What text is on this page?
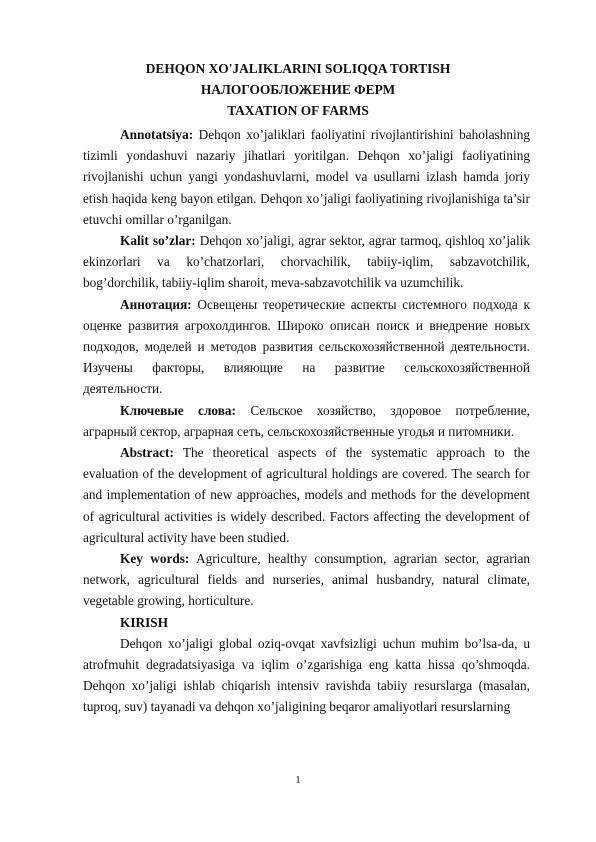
DEHQON XO'JALIKLARINI SOLIQQA TORTISH
НАЛОГООБЛОЖЕНИЕ ФЕРМ
TAXATION OF FARMS

Annotatsiya: Dehqon xo’jaliklari faoliyatini rivojlantirishini baholashning tizimli yondashuvi nazariy jihatlari yoritilgan. Dehqon xo’jaligi faoliyatining rivojlanishi uchun yangi yondashuvlarni, model va usullarni izlash hamda joriy etish haqida keng bayon etilgan. Dehqon xo’jaligi faoliyatining rivojlanishiga ta’sir etuvchi omillar o’rganilgan.

Kalit so’zlar: Dehqon xo’jaligi, agrar sektor, agrar tarmoq, qishloq xo’jalik ekinzorlari va ko’chatzorlari, chorvachilik, tabiiy-iqlim, sabzavotchilik, bog’dorchilik, tabiiy-iqlim sharoit, meva-sabzavotchilik va uzumchilik.

Аннотация: Освещены теоретические аспекты системного подхода к оценке развития агрохолдингов. Широко описан поиск и внедрение новых подходов, моделей и методов развития сельскохозяйственной деятельности. Изучены факторы, влияющие на развитие сельскохозяйственной деятельности.

Ключевые слова: Сельское хозяйство, здоровое потребление, аграрный сектор, аграрная сеть, сельскохозяйственные угодья и питомники.

Abstract: The theoretical aspects of the systematic approach to the evaluation of the development of agricultural holdings are covered. The search for and implementation of new approaches, models and methods for the development of agricultural activities is widely described. Factors affecting the development of agricultural activity have been studied.

Key words: Agriculture, healthy consumption, agrarian sector, agrarian network, agricultural fields and nurseries, animal husbandry, natural climate, vegetable growing, horticulture.

KIRISH

Dehqon xo’jaligi global oziq-ovqat xavfsizligi uchun muhim bo’lsa-da, u atrofmuhit degradatsiyasiga va iqlim o’zgarishiga eng katta hissa qo’shmoqda. Dehqon xo’jaligi ishlab chiqarish intensiv ravishda tabiiy resurslarga (masalan, tuproq, suv) tayanadi va dehqon xo’jaligining beqaror amaliyotlari resurslarning

1
